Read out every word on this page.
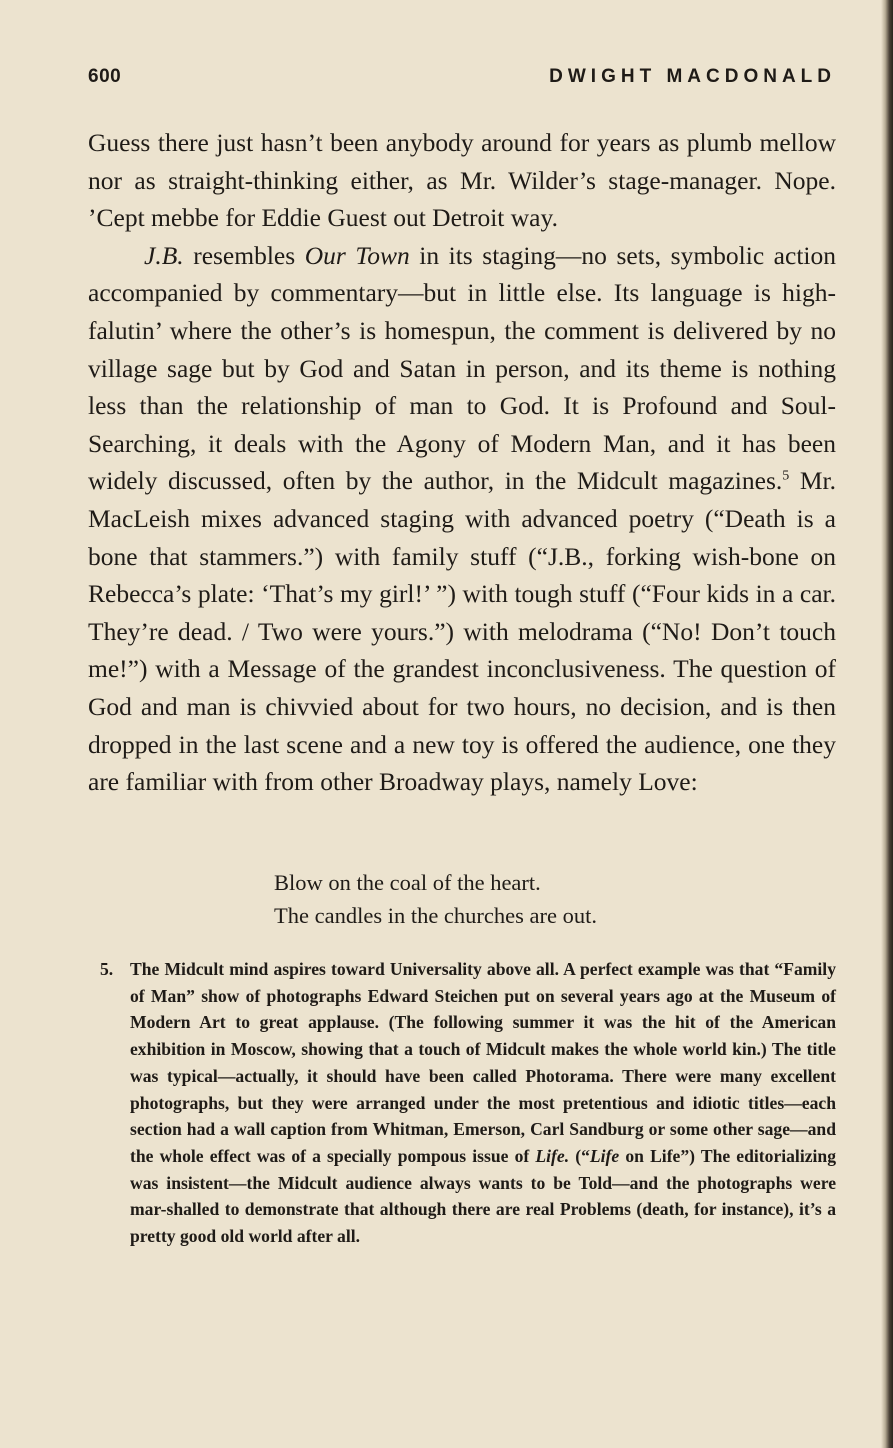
600	DWIGHT MACDONALD

Guess there just hasn’t been anybody around for years as plumb mellow nor as straight-thinking either, as Mr. Wilder’s stage-manager. Nope. ’Cept mebbe for Eddie Guest out Detroit way.

J.B. resembles Our Town in its staging—no sets, symbolic action accompanied by commentary—but in little else. Its language is high-falutin’ where the other’s is homespun, the comment is delivered by no village sage but by God and Satan in person, and its theme is nothing less than the relationship of man to God. It is Profound and Soul-Searching, it deals with the Agony of Modern Man, and it has been widely discussed, often by the author, in the Midcult magazines.$^5$ Mr. MacLeish mixes advanced staging with advanced poetry (“Death is a bone that stammers.”) with family stuff (“J.B., forking wish-bone on Rebecca’s plate: ‘That’s my girl!’ ”) with tough stuff (“Four kids in a car. They’re dead. / Two were yours.”) with melodrama (“No! Don’t touch me!”) with a Message of the grandest inconclusiveness. The question of God and man is chivvied about for two hours, no decision, and is then dropped in the last scene and a new toy is offered the audience, one they are familiar with from other Broadway plays, namely Love:

Blow on the coal of the heart.
The candles in the churches are out.
5. The Midcult mind aspires toward Universality above all. A perfect example was that “Family of Man” show of photographs Edward Steichen put on several years ago at the Museum of Modern Art to great applause. (The following summer it was the hit of the American exhibition in Moscow, showing that a touch of Midcult makes the whole world kin.) The title was typical—actually, it should have been called Photorama. There were many excellent photographs, but they were arranged under the most pretentious and idiotic titles—each section had a wall caption from Whitman, Emerson, Carl Sandburg or some other sage—and the whole effect was of a specially pompous issue of Life. (“Life on Life”) The editorializing was insistent—the Midcult audience always wants to be Told—and the photographs were mar-shalled to demonstrate that although there are real Problems (death, for instance), it’s a pretty good old world after all.
